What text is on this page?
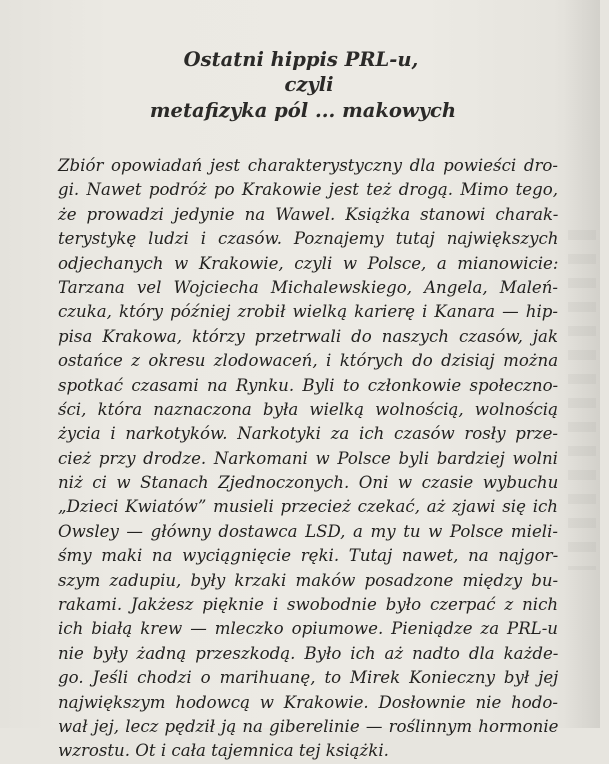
Ostatni hippis PRL-u,
czyli
metafizyka pól ... makowych
Zbiór opowiadań jest charakterystyczny dla powieści dro-
gi. Nawet podróż po Krakowie jest też drogą. Mimo tego,
że prowadzi jedynie na Wawel. Książka stanowi charak-
terystykę ludzi i czasów. Poznajemy tutaj największych
odjechanych w Krakowie, czyli w Polsce, a mianowicie:
Tarzana vel Wojciecha Michalewskiego, Angela, Maleń-
czuka, który później zrobił wielką karierę i Kanara — hip-
pisa Krakowa, którzy przetrwali do naszych czasów, jak
ostańce z okresu zlodowaceń, i których do dzisiaj można
spotkać czasami na Rynku. Byli to członkowie społeczno-
ści, która naznaczona była wielką wolnością, wolnością
życia i narkotyków. Narkotyki za ich czasów rosły prze-
cież przy drodze. Narkomani w Polsce byli bardziej wolni
niż ci w Stanach Zjednoczonych. Oni w czasie wybuchu
„Dzieci Kwiatów” musieli przecież czekać, aż zjawi się ich
Owsley — główny dostawca LSD, a my tu w Polsce mieli-
śmy maki na wyciągnięcie ręki. Tutaj nawet, na najgor-
szym zadupiu, były krzaki maków posadzone między bu-
rakami. Jakżesz pięknie i swobodnie było czerpać z nich
ich białą krew — mleczko opiumowe. Pieniądze za PRL-u
nie były żadną przeszkodą. Było ich aż nadto dla każde-
go. Jeśli chodzi o marihuanę, to Mirek Konieczny był jej
największym hodowcą w Krakowie. Dosłownie nie hodo-
wał jej, lecz pędził ją na giberelinie — roślinnym hormonie
wzrostu. Ot i cała tajemnica tej książki.
